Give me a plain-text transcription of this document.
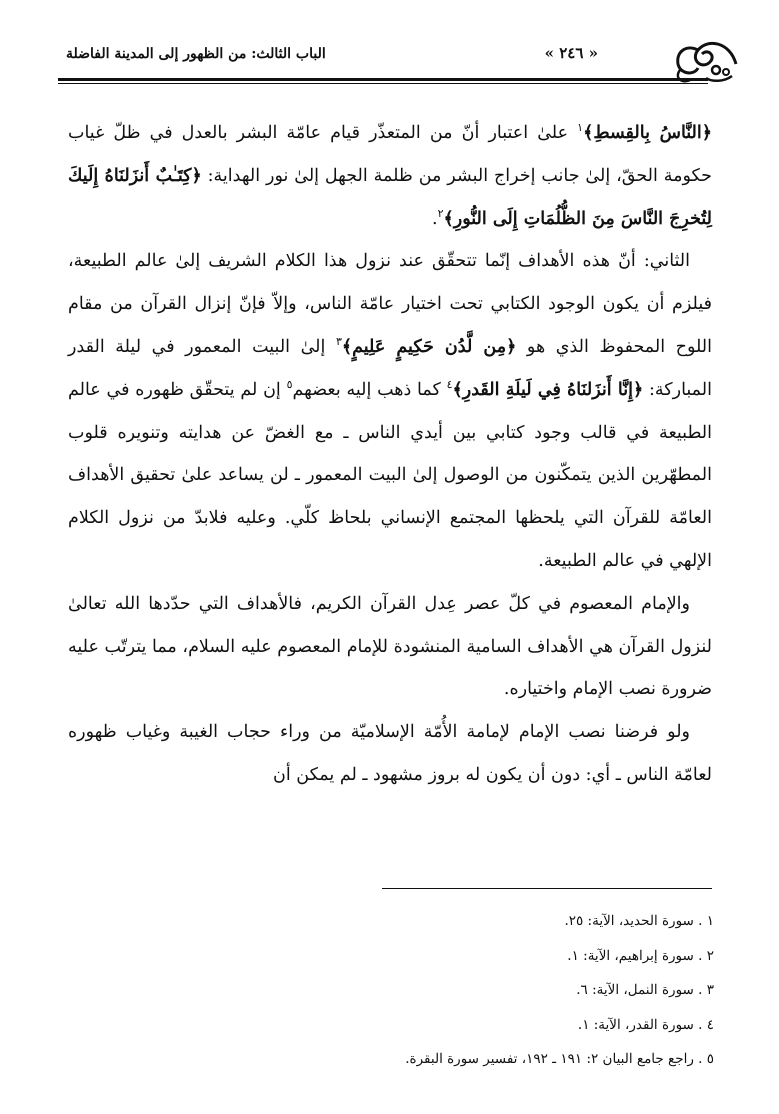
« ٢٤٦ »
الباب الثالث: من الظهور إلى المدينة الفاضلة

﴿النَّاسُ بِالقِسطِ﴾$^١$ علىٰ اعتبار أنّ من المتعذّر قيام عامّة البشر بالعدل في ظلّ غياب حكومة الحقّ، إلىٰ جانب إخراج البشر من ظلمة الجهل إلىٰ نور الهداية: ﴿كِتَـٰبٌ أَنزَلنَاهُ إِلَيكَ لِتُخرِجَ النَّاسَ مِنَ الظُّلُمَاتِ إِلَى النُّورِ﴾$^٢$.

الثاني: أنّ هذه الأهداف إنّما تتحقّق عند نزول هذا الكلام الشريف إلىٰ عالم الطبيعة، فيلزم أن يكون الوجود الكتابي تحت اختيار عامّة الناس، وإلاّ فإنّ إنزال القرآن من مقام اللوح المحفوظ الذي هو ﴿مِن لَّدُن حَكِيمٍ عَلِيمٍ﴾$^٣$ إلىٰ البيت المعمور في ليلة القدر المباركة: ﴿إِنَّا أَنزَلنَاهُ فِي لَيلَةِ القَدرِ﴾$^٤$ كما ذهب إليه بعضهم$^٥$ إن لم يتحقّق ظهوره في عالم الطبيعة في قالب وجود كتابي بين أيدي الناس ـ مع الغضّ عن هدايته وتنويره قلوب المطهّرين الذين يتمكّنون من الوصول إلىٰ البيت المعمور ـ لن يساعد علىٰ تحقيق الأهداف العامّة للقرآن التي يلحظها المجتمع الإنساني بلحاظ كلّي. وعليه فلابدّ من نزول الكلام الإلهي في عالم الطبيعة.

والإمام المعصوم في كلّ عصر عِدل القرآن الكريم، فالأهداف التي حدّدها الله تعالىٰ لنزول القرآن هي الأهداف السامية المنشودة للإمام المعصوم عليه السلام، مما يترتّب عليه ضرورة نصب الإمام واختياره.

ولو فرضنا نصب الإمام لإمامة الأُمّة الإسلاميّة من وراء حجاب الغيبة وغياب ظهوره لعامّة الناس ـ أي: دون أن يكون له بروز مشهود ـ لم يمكن أن

١ . سورة الحديد، الآية: ٢٥.
٢ . سورة إبراهيم، الآية: ١.
٣ . سورة النمل، الآية: ٦.
٤ . سورة القدر، الآية: ١.
٥ . راجع جامع البيان ٢: ١٩١ ـ ١٩٢، تفسير سورة البقرة.
